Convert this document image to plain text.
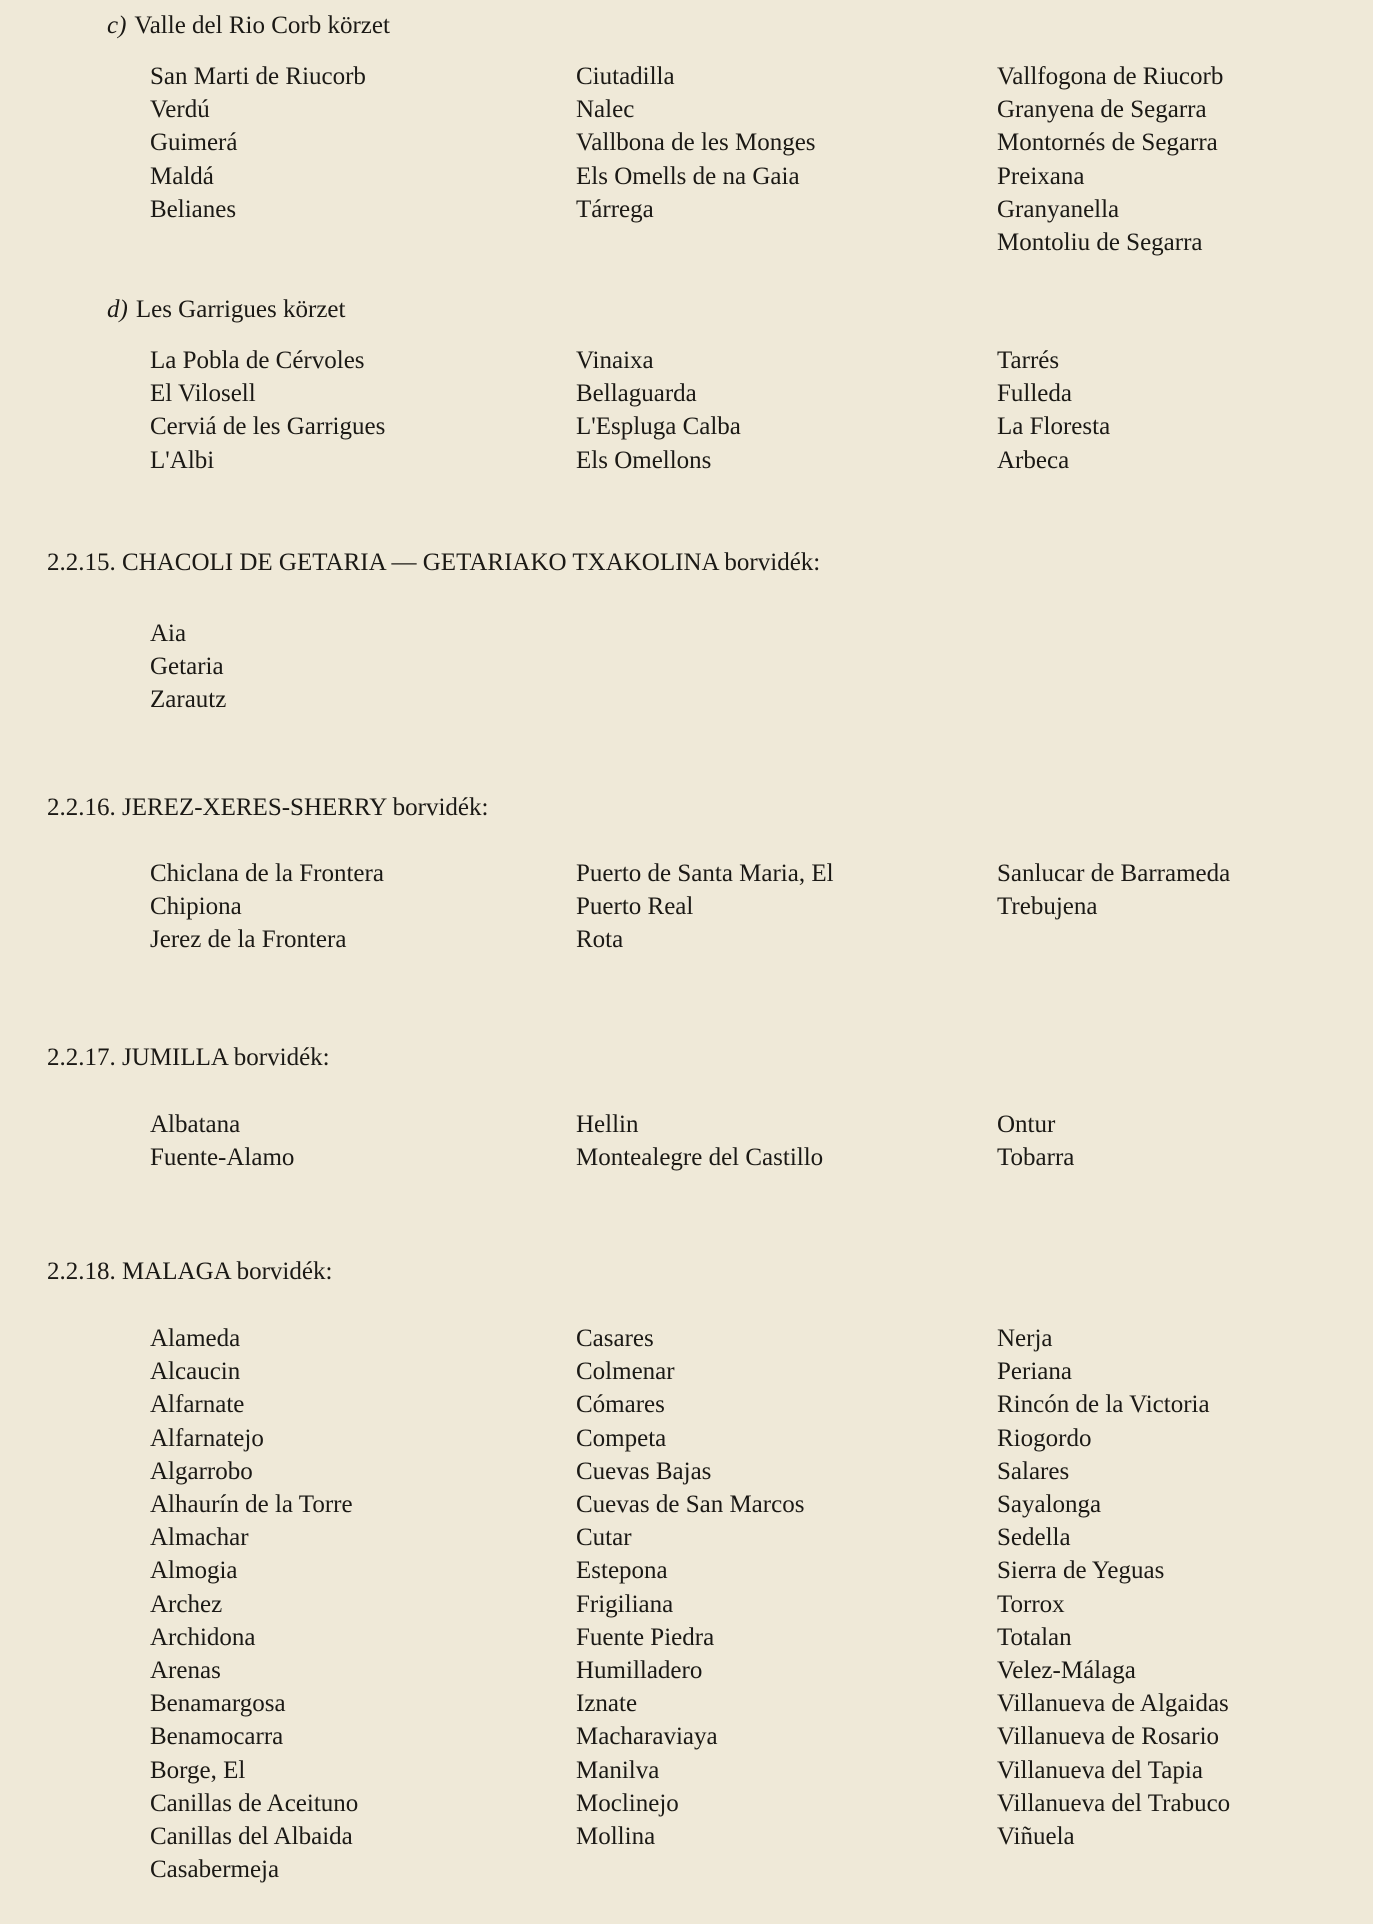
c) Valle del Rio Corb körzet
San Marti de Riucorb
Verdú
Guimerá
Maldá
Belianes
Ciutadilla
Nalec
Vallbona de les Monges
Els Omells de na Gaia
Tárrega
Vallfogona de Riucorb
Granyena de Segarra
Montornés de Segarra
Preixana
Granyanella
Montoliu de Segarra
d) Les Garrigues körzet
La Pobla de Cérvoles
El Vilosell
Cerviá de les Garrigues
L'Albi
Vinaixa
Bellaguarda
L'Espluga Calba
Els Omellons
Tarrés
Fulleda
La Floresta
Arbeca
2.2.15. CHACOLI DE GETARIA — GETARIAKO TXAKOLINA borvidék:
Aia
Getaria
Zarautz
2.2.16. JEREZ-XERES-SHERRY borvidék:
Chiclana de la Frontera
Chipiona
Jerez de la Frontera
Puerto de Santa Maria, El
Puerto Real
Rota
Sanlucar de Barrameda
Trebujena
2.2.17. JUMILLA borvidék:
Albatana
Fuente-Alamo
Hellin
Montealegre del Castillo
Ontur
Tobarra
2.2.18. MALAGA borvidék:
Alameda
Alcaucin
Alfarnate
Alfarnatejo
Algarrobo
Alhaurín de la Torre
Almachar
Almogia
Archez
Archidona
Arenas
Benamargosa
Benamocarra
Borge, El
Canillas de Aceituno
Canillas del Albaida
Casabermeja
Casares
Colmenar
Cómares
Competa
Cuevas Bajas
Cuevas de San Marcos
Cutar
Estepona
Frigiliana
Fuente Piedra
Humilladero
Iznate
Macharaviaya
Manilva
Moclinejo
Mollina
Nerja
Periana
Rincón de la Victoria
Riogordo
Salares
Sayalonga
Sedella
Sierra de Yeguas
Torrox
Totalan
Velez-Málaga
Villanueva de Algaidas
Villanueva de Rosario
Villanueva del Tapia
Villanueva del Trabuco
Viñuela
